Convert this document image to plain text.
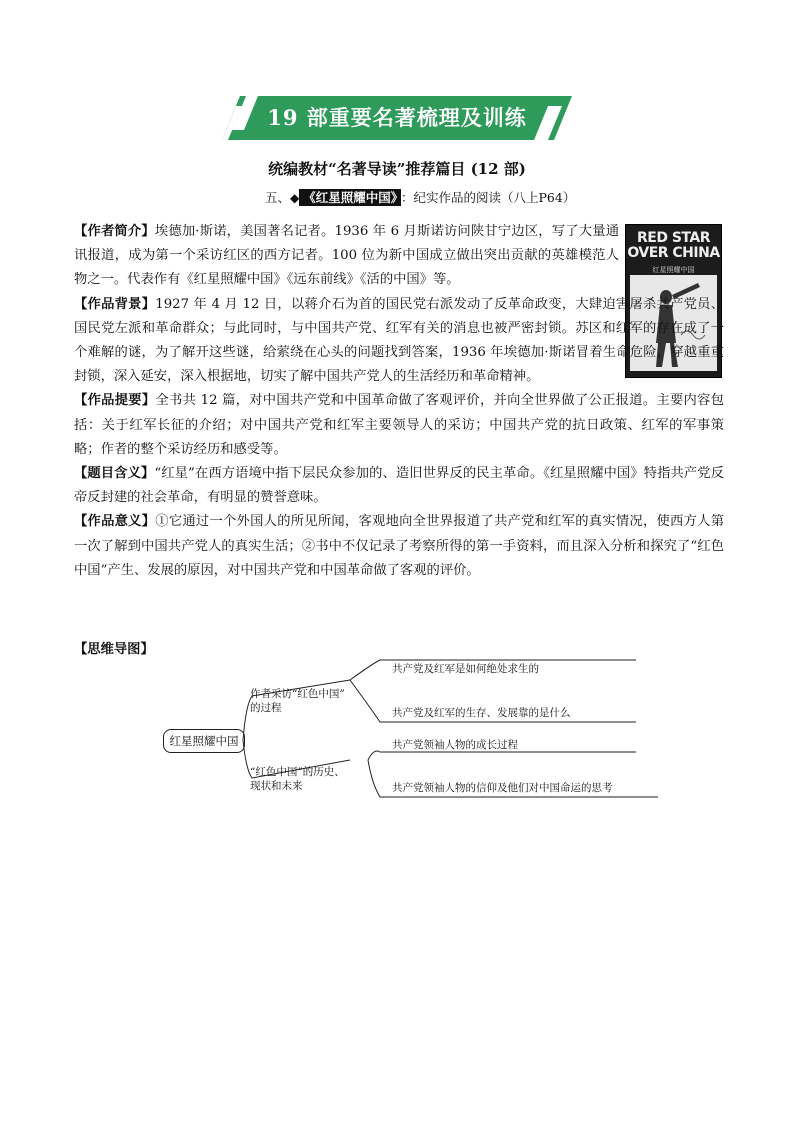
19 部重要名著梳理及训练
统编教材“名著导读”推荐篇目 (12 部)
五、◆ 《红星照耀中国》 ：纪实作品的阅读（八上P64）
RED STAR OVER CHINA
红星照耀中国

【作者简介】埃德加·斯诺，美国著名记者。1936 年 6 月斯诺访问陕甘宁边区，写了大量通讯报道，成为第一个采访红区的西方记者。100 位为新中国成立做出突出贡献的英雄模范人物之一。代表作有《红星照耀中国》《远东前线》《活的中国》等。

【作品背景】1927 年 4 月 12 日，以蒋介石为首的国民党右派发动了反革命政变，大肆迫害屠杀共产党员、国民党左派和革命群众；与此同时，与中国共产党、红军有关的消息也被严密封锁。苏区和红军的存在成了一个难解的谜，为了解开这些谜，给萦绕在心头的问题找到答案，1936 年埃德加·斯诺冒着生命危险，穿越重重封锁，深入延安，深入根据地，切实了解中国共产党人的生活经历和革命精神。

【作品提要】全书共 12 篇，对中国共产党和中国革命做了客观评价，并向全世界做了公正报道。主要内容包括：关于红军长征的介绍；对中国共产党和红军主要领导人的采访；中国共产党的抗日政策、红军的军事策略；作者的整个采访经历和感受等。

【题目含义】“红星”在西方语境中指下层民众参加的、造旧世界反的民主革命。《红星照耀中国》特指共产党反帝反封建的社会革命，有明显的赞誉意味。

【作品意义】①它通过一个外国人的所见所闻，客观地向全世界报道了共产党和红军的真实情况，使西方人第一次了解到中国共产党人的真实生活；②书中不仅记录了考察所得的第一手资料，而且深入分析和探究了“红色中国”产生、发展的原因，对中国共产党和中国革命做了客观的评价。

【思维导图】
红星照耀中国
作者采访“红色中国”
的过程
“红色中国”的历史、
现状和未来
共产党及红军是如何绝处求生的
共产党及红军的生存、发展靠的是什么
共产党领袖人物的成长过程
共产党领袖人物的信仰及他们对中国命运的思考
